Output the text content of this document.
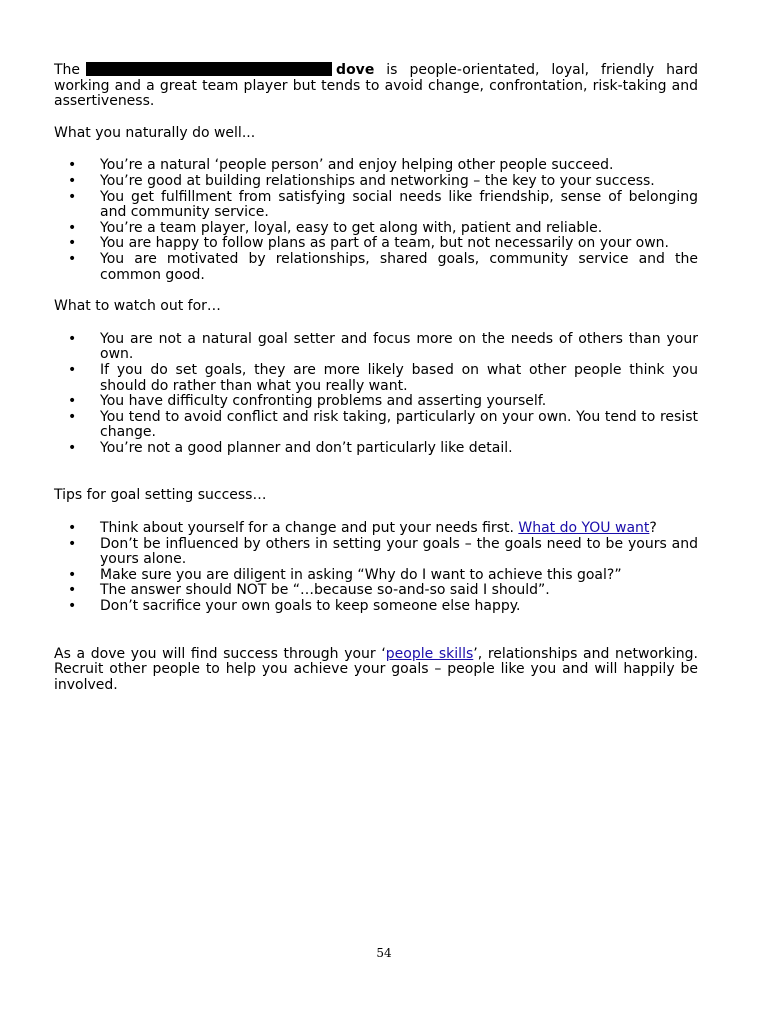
The	dove is people-orientated, loyal, friendly hard working and a great team player but tends to avoid change, confrontation, risk-taking and assertiveness.

What you naturally do well...

• You’re a natural ‘people person’ and enjoy helping other people succeed.
• You’re good at building relationships and networking – the key to your success.
• You get fulfillment from satisfying social needs like friendship, sense of belonging and community service.
• You’re a team player, loyal, easy to get along with, patient and reliable.
• You are happy to follow plans as part of a team, but not necessarily on your own.
• You are motivated by relationships, shared goals, community service and the common good.

What to watch out for…

• You are not a natural goal setter and focus more on the needs of others than your own.
• If you do set goals, they are more likely based on what other people think you should do rather than what you really want.
• You have difficulty confronting problems and asserting yourself.
• You tend to avoid conflict and risk taking, particularly on your own. You tend to resist change.
• You’re not a good planner and don’t particularly like detail.

Tips for goal setting success…

• Think about yourself for a change and put your needs first. What do YOU want?
• Don’t be influenced by others in setting your goals – the goals need to be yours and yours alone.
• Make sure you are diligent in asking “Why do I want to achieve this goal?”
• The answer should NOT be “…because so-and-so said I should”.
• Don’t sacrifice your own goals to keep someone else happy.

As a dove you will find success through your ‘people skills’, relationships and networking. Recruit other people to help you achieve your goals – people like you and will happily be involved.

54
